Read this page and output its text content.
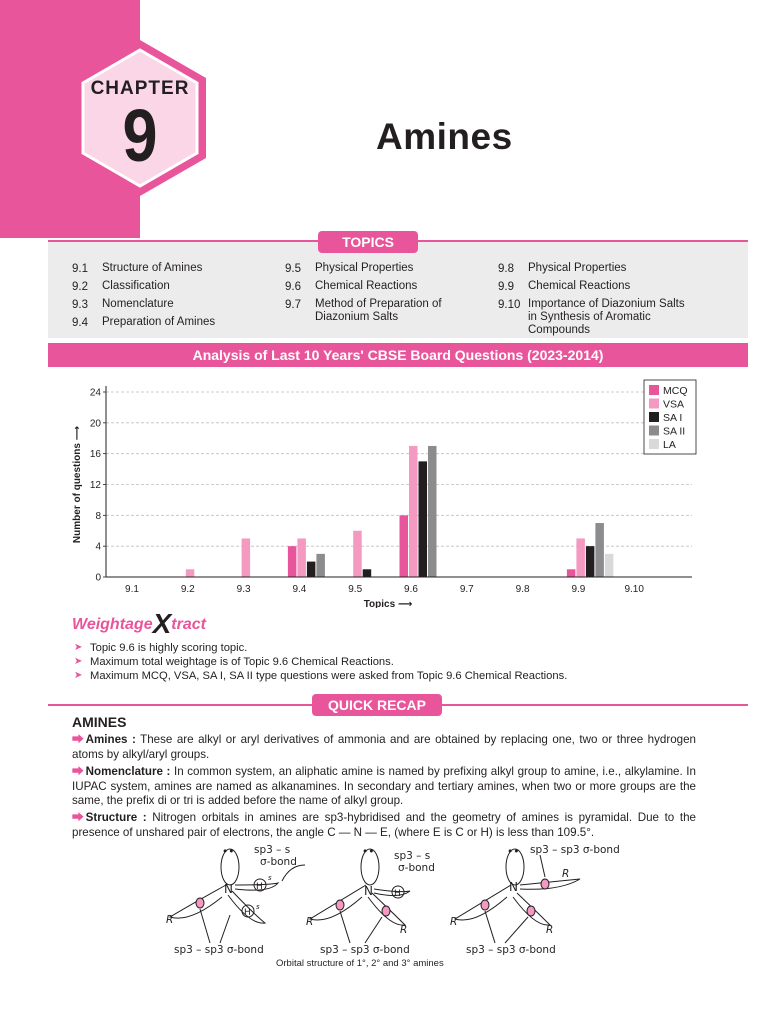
CHAPTER
9	Amines
TOPICS
9.1	Structure of Amines
9.2	Classification
9.3	Nomenclature
9.4	Preparation of Amines
9.5	Physical Properties
9.6	Chemical Reactions
9.7	Method of Preparation of Diazonium Salts
9.8	Physical Properties
9.9	Chemical Reactions
9.10 Importance of Diazonium Salts in Synthesis of Aromatic Compounds
Analysis of Last 10 Years' CBSE Board Questions (2023-2014)
0
4
8
12
16
20
24
9.1	9.2	9.3	9.4	9.5	9.6	9.7	9.8	9.9	9.10
Topics ⟶
Number of questions ⟶
MCQ
VSA
SA I
SA II
LA
WeightageXtract
➤ Topic 9.6 is highly scoring topic.
➤ Maximum total weightage is of Topic 9.6 Chemical Reactions.
➤ Maximum MCQ, VSA, SA I, SA II type questions were asked from Topic 9.6 Chemical Reactions.
QUICK RECAP
AMINES
⮕ Amines : These are alkyl or aryl derivatives of ammonia and are obtained by replacing one, two or three hydrogen atoms by alkyl/aryl groups.
⮕ Nomenclature : In common system, an aliphatic amine is named by prefixing alkyl group to amine, i.e., alkylamine. In IUPAC system, amines are named as alkanamines. In secondary and tertiary amines, when two or more groups are the same, the prefix di or tri is added before the name of alkyl group.
⮕ Structure : Nitrogen orbitals in amines are sp3-hybridised and the geometry of amines is pyramidal. Due to the presence of unshared pair of electrons, the angle C — N — E, (where E is C or H) is less than 109.5°.
••	••	••
N	N	N
H
H
H
s
s
R	R
R
R
R
R
sp3 – s
σ-bond	sp3 – s
σ-bond
sp3 – sp3 σ-bond
sp3 – sp3 σ-bond	sp3 – sp3 σ-bond	sp3 – sp3 σ-bond
Orbital structure of 1°, 2° and 3° amines
